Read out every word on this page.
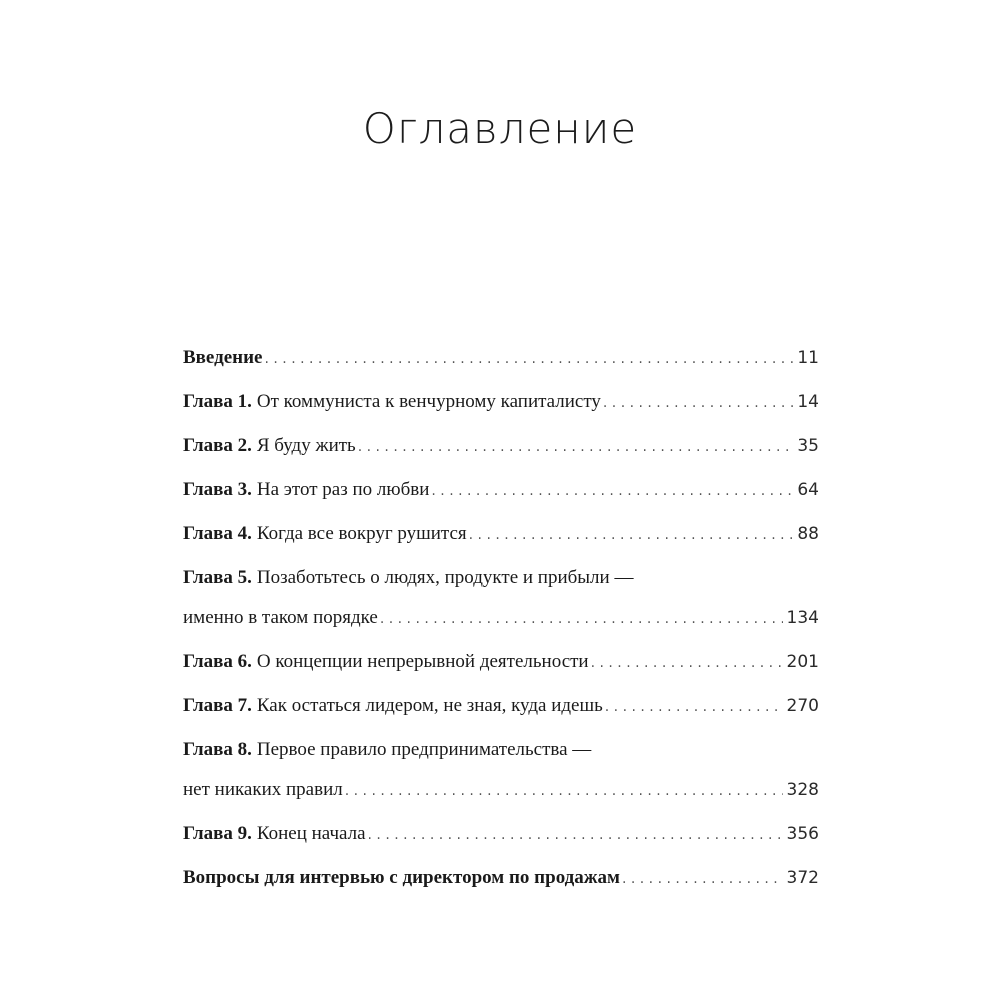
Оглавление
Введение . . .	11
Глава 1. От коммуниста к венчурному капиталисту . . .	14
Глава 2. Я буду жить . . .	35
Глава 3. На этот раз по любви . . .	64
Глава 4. Когда все вокруг рушится . . .	88
Глава 5. Позаботьтесь о людях, продукте и прибыли —
именно в таком порядке . . .	134
Глава 6. О концепции непрерывной деятельности . . .	201
Глава 7. Как остаться лидером, не зная, куда идешь . . .	270
Глава 8. Первое правило предпринимательства —
нет никаких правил . . .	328
Глава 9. Конец начала . . .	356
Вопросы для интервью с директором по продажам . . .	372
